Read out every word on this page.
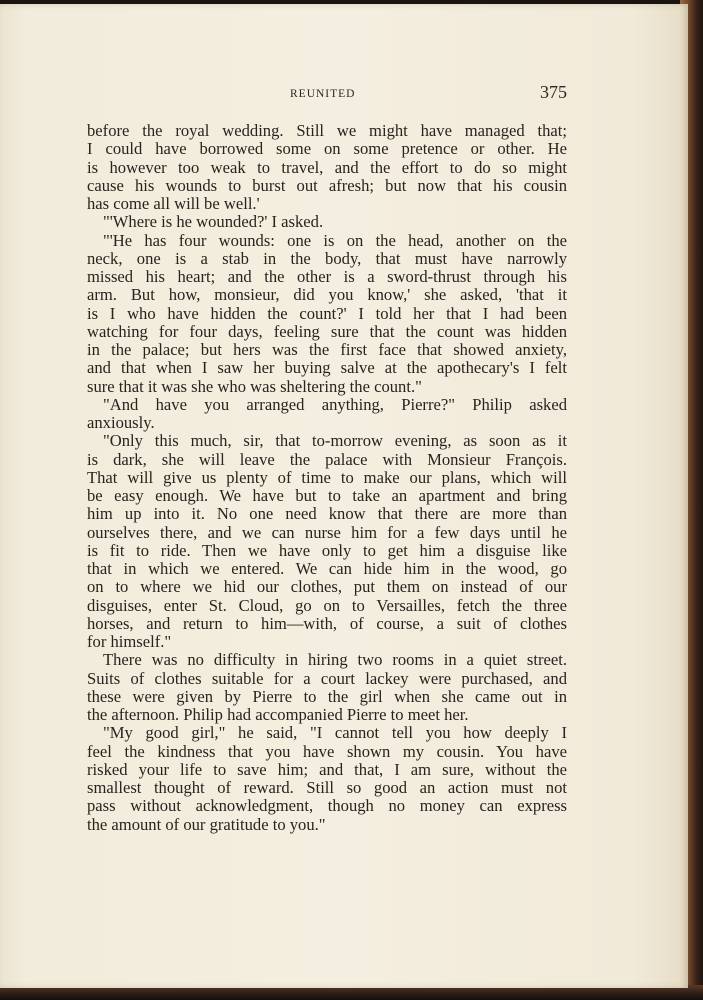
REUNITED	375
before the royal wedding. Still we might have managed that;
I could have borrowed some on some pretence or other. He
is however too weak to travel, and the effort to do so might
cause his wounds to burst out afresh; but now that his cousin
has come all will be well.'
"'Where is he wounded?' I asked.
"'He has four wounds: one is on the head, another on the
neck, one is a stab in the body, that must have narrowly
missed his heart; and the other is a sword-thrust through his
arm. But how, monsieur, did you know,' she asked, 'that it
is I who have hidden the count?' I told her that I had been
watching for four days, feeling sure that the count was hidden
in the palace; but hers was the first face that showed anxiety,
and that when I saw her buying salve at the apothecary's I felt
sure that it was she who was sheltering the count."
"And have you arranged anything, Pierre?" Philip asked
anxiously.
"Only this much, sir, that to-morrow evening, as soon as it
is dark, she will leave the palace with Monsieur François.
That will give us plenty of time to make our plans, which will
be easy enough. We have but to take an apartment and bring
him up into it. No one need know that there are more than
ourselves there, and we can nurse him for a few days until he
is fit to ride. Then we have only to get him a disguise like
that in which we entered. We can hide him in the wood, go
on to where we hid our clothes, put them on instead of our
disguises, enter St. Cloud, go on to Versailles, fetch the three
horses, and return to him—with, of course, a suit of clothes
for himself."
There was no difficulty in hiring two rooms in a quiet street.
Suits of clothes suitable for a court lackey were purchased, and
these were given by Pierre to the girl when she came out in
the afternoon. Philip had accompanied Pierre to meet her.
"My good girl," he said, "I cannot tell you how deeply I
feel the kindness that you have shown my cousin. You have
risked your life to save him; and that, I am sure, without the
smallest thought of reward. Still so good an action must not
pass without acknowledgment, though no money can express
the amount of our gratitude to you."
